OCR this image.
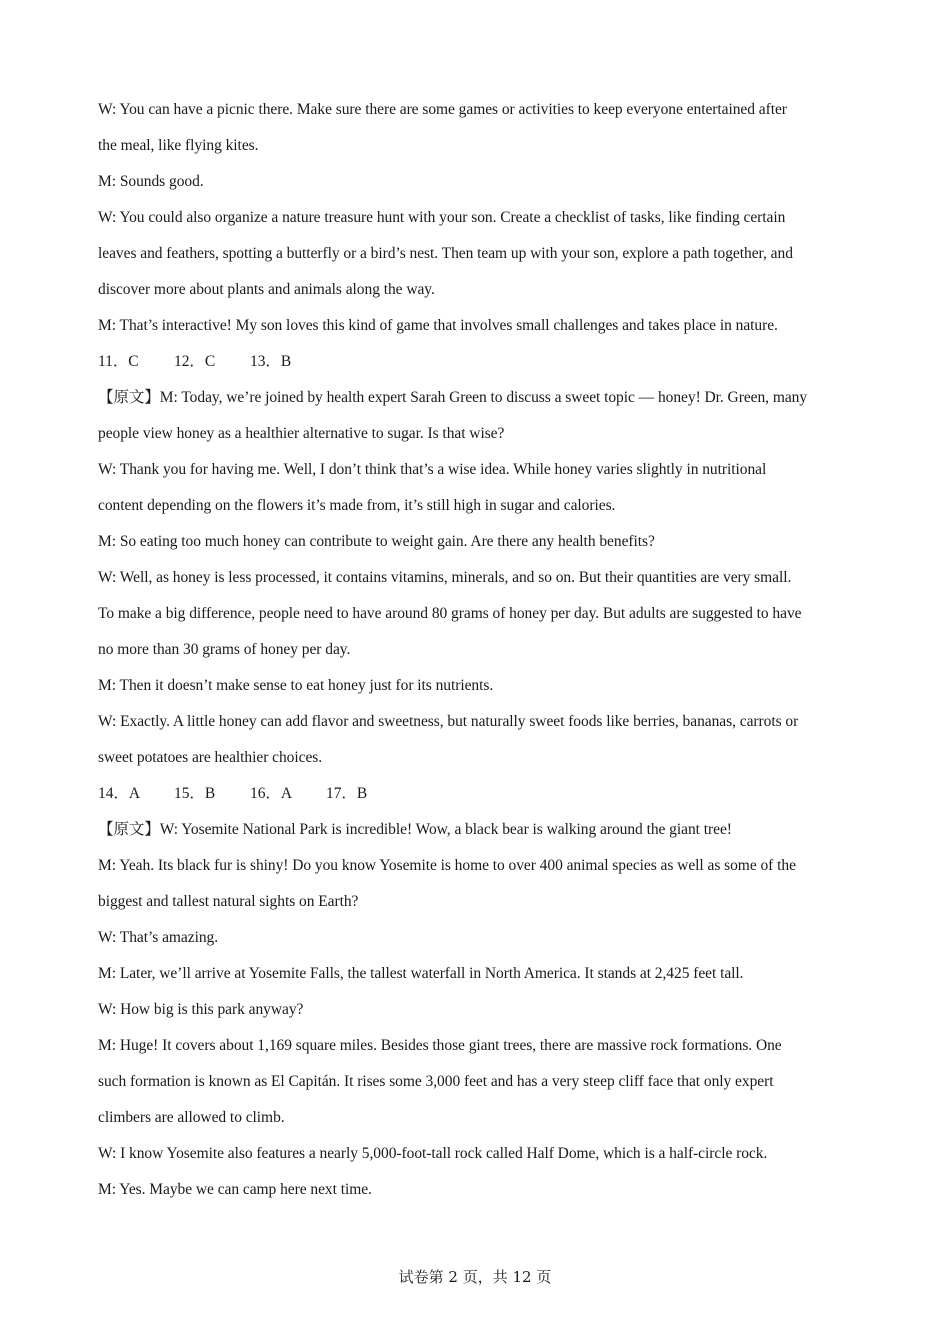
W: You can have a picnic there. Make sure there are some games or activities to keep everyone entertained after
the meal, like flying kites.
M: Sounds good.
W: You could also organize a nature treasure hunt with your son. Create a checklist of tasks, like finding certain
leaves and feathers, spotting a butterfly or a bird’s nest. Then team up with your son, explore a path together, and
discover more about plants and animals along the way.
M: That’s interactive! My son loves this kind of game that involves small challenges and takes place in nature.
11．C 12．C 13．B
【原文】M: Today, we’re joined by health expert Sarah Green to discuss a sweet topic — honey! Dr. Green, many
people view honey as a healthier alternative to sugar. Is that wise?
W: Thank you for having me. Well, I don’t think that’s a wise idea. While honey varies slightly in nutritional
content depending on the flowers it’s made from, it’s still high in sugar and calories.
M: So eating too much honey can contribute to weight gain. Are there any health benefits?
W: Well, as honey is less processed, it contains vitamins, minerals, and so on. But their quantities are very small.
To make a big difference, people need to have around 80 grams of honey per day. But adults are suggested to have
no more than 30 grams of honey per day.
M: Then it doesn’t make sense to eat honey just for its nutrients.
W: Exactly. A little honey can add flavor and sweetness, but naturally sweet foods like berries, bananas, carrots or
sweet potatoes are healthier choices.
14．A 15．B 16．A 17．B
【原文】W: Yosemite National Park is incredible! Wow, a black bear is walking around the giant tree!
M: Yeah. Its black fur is shiny! Do you know Yosemite is home to over 400 animal species as well as some of the
biggest and tallest natural sights on Earth?
W: That’s amazing.
M: Later, we’ll arrive at Yosemite Falls, the tallest waterfall in North America. It stands at 2,425 feet tall.
W: How big is this park anyway?
M: Huge! It covers about 1,169 square miles. Besides those giant trees, there are massive rock formations. One
such formation is known as El Capitán. It rises some 3,000 feet and has a very steep cliff face that only expert
climbers are allowed to climb.
W: I know Yosemite also features a nearly 5,000-foot-tall rock called Half Dome, which is a half-circle rock.
M: Yes. Maybe we can camp here next time.
试卷第 2 页，共 12 页
